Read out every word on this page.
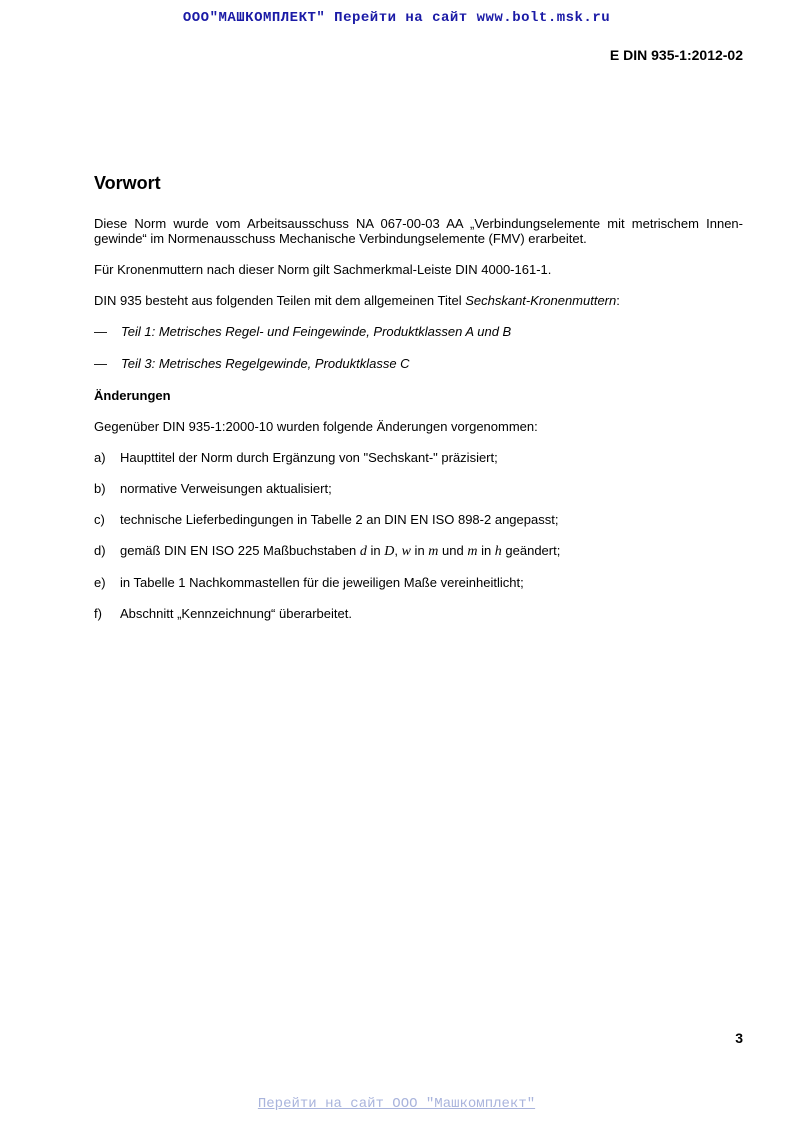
ООО"МАШКОМПЛЕКТ" Перейти на сайт www.bolt.msk.ru
E DIN 935-1:2012-02
Vorwort

Diese Norm wurde vom Arbeitsausschuss NA 067-00-03 AA „Verbindungselemente mit metrischem Innen- gewinde“ im Normenausschuss Mechanische Verbindungselemente (FMV) erarbeitet.

Für Kronenmuttern nach dieser Norm gilt Sachmerkmal-Leiste DIN 4000-161-1.

DIN 935 besteht aus folgenden Teilen mit dem allgemeinen Titel Sechskant-Kronenmuttern:

—	Teil 1: Metrisches Regel- und Feingewinde, Produktklassen A und B
—	Teil 3: Metrisches Regelgewinde, Produktklasse C
Änderungen

Gegenüber DIN 935-1:2000-10 wurden folgende Änderungen vorgenommen:

a)	Haupttitel der Norm durch Ergänzung von "Sechskant-" präzisiert;
b)	normative Verweisungen aktualisiert;
c)	technische Lieferbedingungen in Tabelle 2 an DIN EN ISO 898-2 angepasst;
d)	gemäß DIN EN ISO 225 Maßbuchstaben d in D, w in m und m in h geändert;
e)	in Tabelle 1 Nachkommastellen für die jeweiligen Maße vereinheitlicht;
f)	Abschnitt „Kennzeichnung“ überarbeitet.
3
Перейти на сайт ООО "Машкомплект"
